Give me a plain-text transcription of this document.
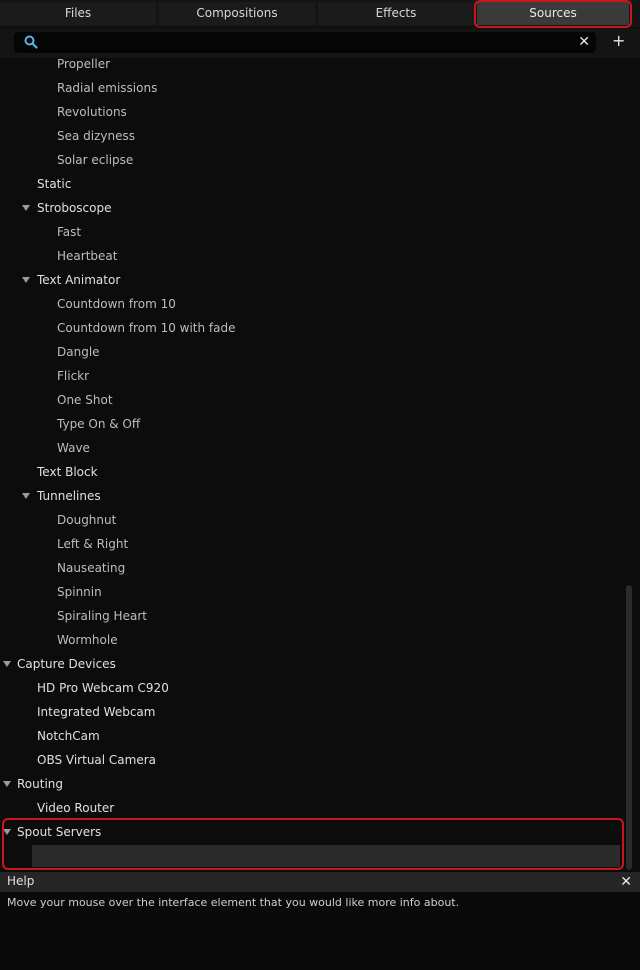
Files	Compositions	Effects	Sources
✕ +
Propeller
Radial emissions
Revolutions
Sea dizyness
Solar eclipse
Static
Stroboscope
Fast
Heartbeat
Text Animator
Countdown from 10
Countdown from 10 with fade
Dangle
Flickr
One Shot
Type On & Off
Wave
Text Block
Tunnelines
Doughnut
Left & Right
Nauseating
Spinnin
Spiraling Heart
Wormhole
Capture Devices
HD Pro Webcam C920
Integrated Webcam
NotchCam
OBS Virtual Camera
Routing
Video Router
Spout Servers
Help	✕
Move your mouse over the interface element that you would like more info about.
